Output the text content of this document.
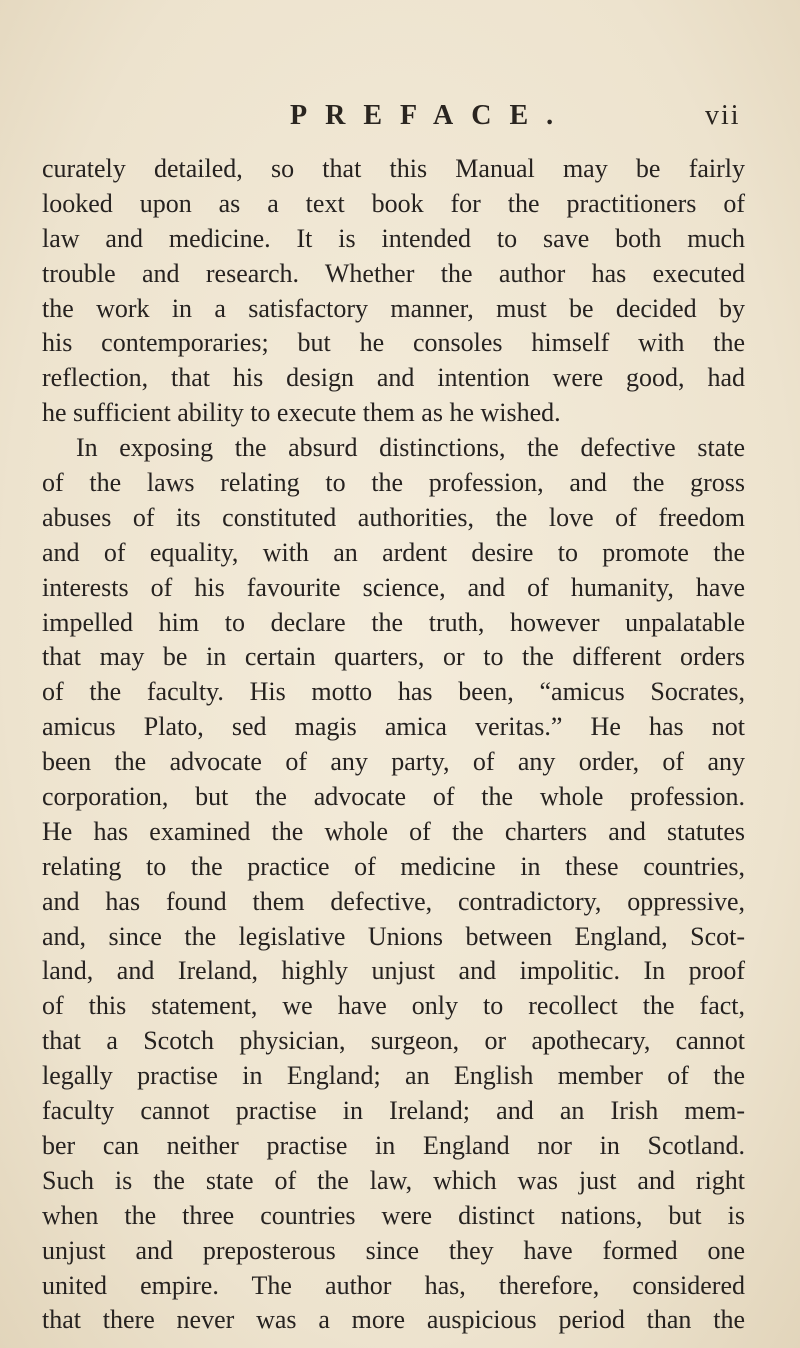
PREFACE.	vii
curately detailed, so that this Manual may be fairly
looked upon as a text book for the practitioners of
law and medicine. It is intended to save both much
trouble and research. Whether the author has executed
the work in a satisfactory manner, must be decided by
his contemporaries; but he consoles himself with the
reflection, that his design and intention were good, had
he sufficient ability to execute them as he wished.
In exposing the absurd distinctions, the defective state
of the laws relating to the profession, and the gross
abuses of its constituted authorities, the love of freedom
and of equality, with an ardent desire to promote the
interests of his favourite science, and of humanity, have
impelled him to declare the truth, however unpalatable
that may be in certain quarters, or to the different orders
of the faculty. His motto has been, “amicus Socrates,
amicus Plato, sed magis amica veritas.” He has not
been the advocate of any party, of any order, of any
corporation, but the advocate of the whole profession.
He has examined the whole of the charters and statutes
relating to the practice of medicine in these countries,
and has found them defective, contradictory, oppressive,
and, since the legislative Unions between England, Scot-
land, and Ireland, highly unjust and impolitic. In proof
of this statement, we have only to recollect the fact,
that a Scotch physician, surgeon, or apothecary, cannot
legally practise in England; an English member of the
faculty cannot practise in Ireland; and an Irish mem-
ber can neither practise in England nor in Scotland.
Such is the state of the law, which was just and right
when the three countries were distinct nations, but is
unjust and preposterous since they have formed one
united empire. The author has, therefore, considered
that there never was a more auspicious period than the
